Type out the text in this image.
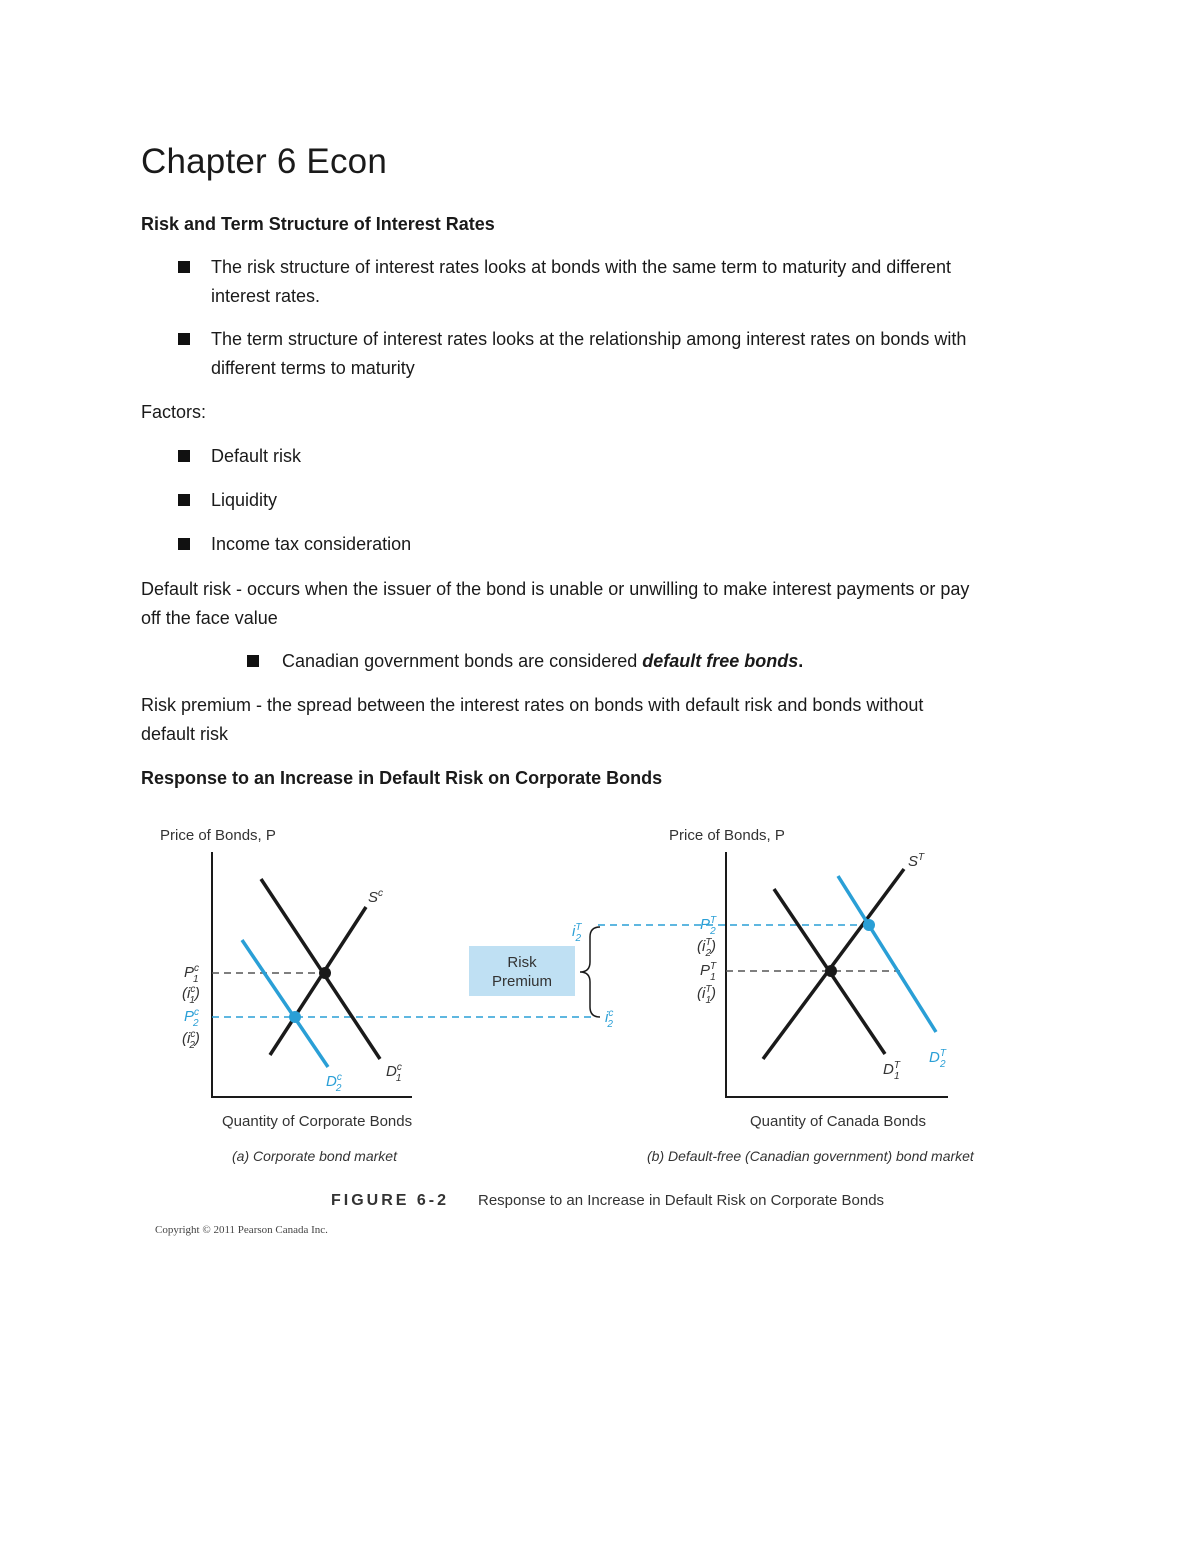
Chapter 6 Econ

Risk and Term Structure of Interest Rates

The risk structure of interest rates looks at bonds with the same term to maturity and different

interest rates.

The term structure of interest rates looks at the relationship among interest rates on bonds with

different terms to maturity

Factors:

Default risk

Liquidity

Income tax consideration

Default risk - occurs when the issuer of the bond is unable or unwilling to make interest payments or pay

off the face value

Canadian government bonds are considered default free bonds.

Risk premium - the spread between the interest rates on bonds with default risk and bonds without

default risk

Response to an Increase in Default Risk on Corporate Bonds

Price of Bonds, P
$S^c$
$D^c$ 1
$D^c$ 2
$P^c$ 1
($i^c$ 1)
$P^c$ 2
($i^c$ 2)
Quantity of Corporate Bonds
(a) Corporate bond market
Risk
Premium
$i^T$ 2
$i^c$ 2
Price of Bonds, P
$S^T$
$D^T$ 1
$D^T$ 2
$P^T$ 2
($i^T$ 2)
$P^T$ 1
($i^T$ 1)
Quantity of Canada Bonds
(b) Default-free (Canadian government) bond market
FIGURE 6-2 Response to an Increase in Default Risk on Corporate Bonds
Copyright © 2011 Pearson Canada Inc.
